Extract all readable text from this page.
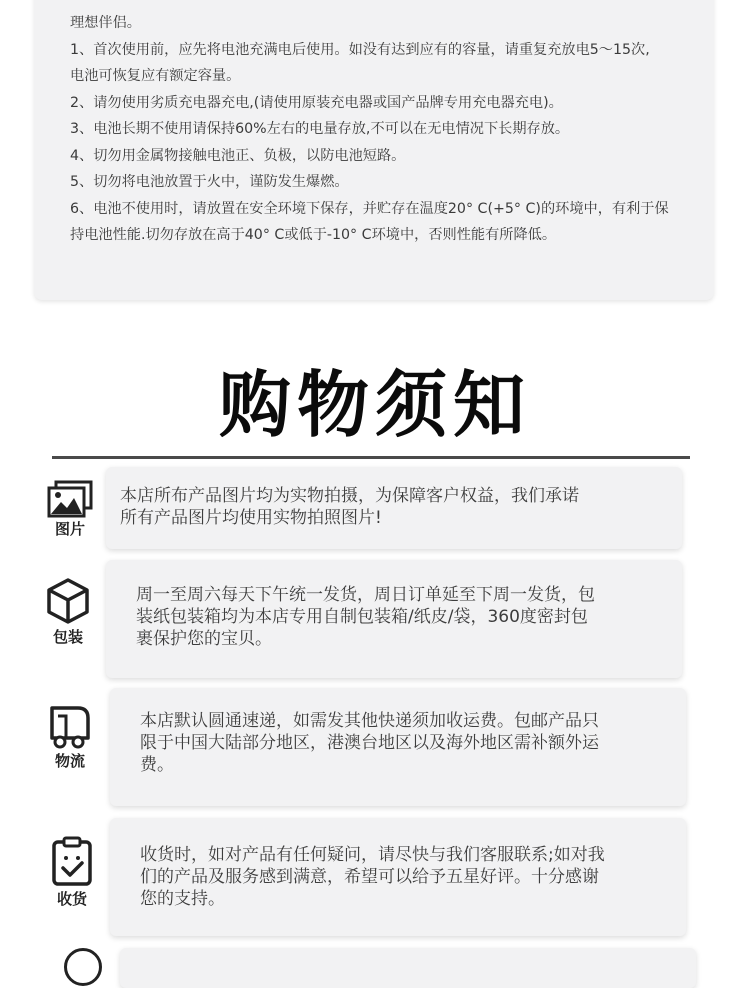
理想伴侣。
1、首次使用前，应先将电池充满电后使用。如没有达到应有的容量，请重复充放电5～15次,
电池可恢复应有额定容量。
2、请勿使用劣质充电器充电,(请使用原装充电器或国产品牌专用充电器充电)。
3、电池长期不使用请保持60%左右的电量存放,不可以在无电情况下长期存放。
4、切勿用金属物接触电池正、负极，以防电池短路。
5、切勿将电池放置于火中，谨防发生爆燃。
6、电池不使用时，请放置在安全环境下保存，并贮存在温度20° C(+5° C)的环境中，有利于保
持电池性能.切勿存放在高于40° C或低于-10° C环境中，否则性能有所降低。
购物须知
图片
本店所布产品图片均为实物拍摄，为保障客户权益，我们承诺
所有产品图片均使用实物拍照图片!
包装
周一至周六每天下午统一发货，周日订单延至下周一发货，包
装纸包装箱均为本店专用自制包装箱/纸皮/袋，360度密封包
裹保护您的宝贝。
物流
本店默认圆通速递，如需发其他快递须加收运费。包邮产品只
限于中国大陆部分地区，港澳台地区以及海外地区需补额外运
费。
收货
收货时，如对产品有任何疑问，请尽快与我们客服联系;如对我
们的产品及服务感到满意，希望可以给予五星好评。十分感谢
您的支持。
